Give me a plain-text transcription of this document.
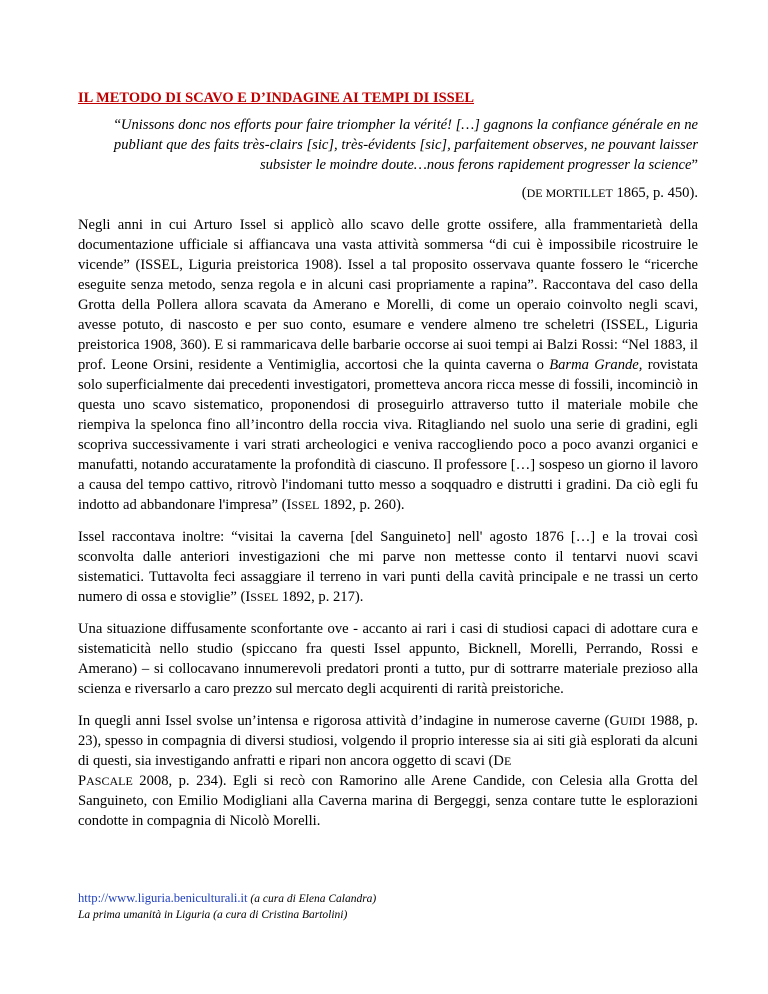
IL METODO DI SCAVO E D’INDAGINE AI TEMPI DI ISSEL
“Unissons donc nos efforts pour faire triompher la vérité! […] gagnons la confiance générale en ne publiant que des faits très-clairs [sic], très-évidents [sic], parfaitement observes, ne pouvant laisser subsister le moindre doute…nous ferons rapidement progresser la science”
(DE MORTILLET 1865, p. 450).

Negli anni in cui Arturo Issel si applicò allo scavo delle grotte ossifere, alla frammentarietà della documentazione ufficiale si affiancava una vasta attività sommersa “di cui è impossibile ricostruire le vicende” (ISSEL, Liguria preistorica 1908). Issel a tal proposito osservava quante fossero le “ricerche eseguite senza metodo, senza regola e in alcuni casi propriamente a rapina”. Raccontava del caso della Grotta della Pollera allora scavata da Amerano e Morelli, di come un operaio coinvolto negli scavi, avesse potuto, di nascosto e per suo conto, esumare e vendere almeno tre scheletri (ISSEL, Liguria preistorica 1908, 360). E si rammaricava delle barbarie occorse ai suoi tempi ai Balzi Rossi: “Nel 1883, il prof. Leone Orsini, residente a Ventimiglia, accortosi che la quinta caverna o Barma Grande, rovistata solo superficialmente dai precedenti investigatori, prometteva ancora ricca messe di fossili, incominciò in questa uno scavo sistematico, proponendosi di proseguirlo attraverso tutto il materiale mobile che riempiva la spelonca fino all’incontro della roccia viva. Ritagliando nel suolo una serie di gradini, egli scopriva successivamente i vari strati archeologici e veniva raccogliendo poco a poco avanzi organici e manufatti, notando accuratamente la profondità di ciascuno. Il professore […] sospeso un giorno il lavoro a causa del tempo cattivo, ritrovò l'indomani tutto messo a soqquadro e distrutti i gradini. Da ciò egli fu indotto ad abbandonare l'impresa” (ISSEL 1892, p. 260).

Issel raccontava inoltre: “visitai la caverna [del Sanguineto] nell' agosto 1876 […] e la trovai così sconvolta dalle anteriori investigazioni che mi parve non mettesse conto il tentarvi nuovi scavi sistematici. Tuttavolta feci assaggiare il terreno in vari punti della cavità principale e ne trassi un certo numero di ossa e stoviglie” (ISSEL 1892, p. 217).

Una situazione diffusamente sconfortante ove - accanto ai rari i casi di studiosi capaci di adottare cura e sistematicità nello studio (spiccano fra questi Issel appunto, Bicknell, Morelli, Perrando, Rossi e Amerano) – si collocavano innumerevoli predatori pronti a tutto, pur di sottrarre materiale prezioso alla scienza e riversarlo a caro prezzo sul mercato degli acquirenti di rarità preistoriche.

In quegli anni Issel svolse un’intensa e rigorosa attività d’indagine in numerose caverne (GUIDI 1988, p. 23), spesso in compagnia di diversi studiosi, volgendo il proprio interesse sia ai siti già esplorati da alcuni di questi, sia investigando anfratti e ripari non ancora oggetto di scavi (DE
PASCALE 2008, p. 234). Egli si recò con Ramorino alle Arene Candide, con Celesia alla Grotta del Sanguineto, con Emilio Modigliani alla Caverna marina di Bergeggi, senza contare tutte le esplorazioni condotte in compagnia di Nicolò Morelli.

http://www.liguria.beniculturali.it (a cura di Elena Calandra)
La prima umanità in Liguria (a cura di Cristina Bartolini)
